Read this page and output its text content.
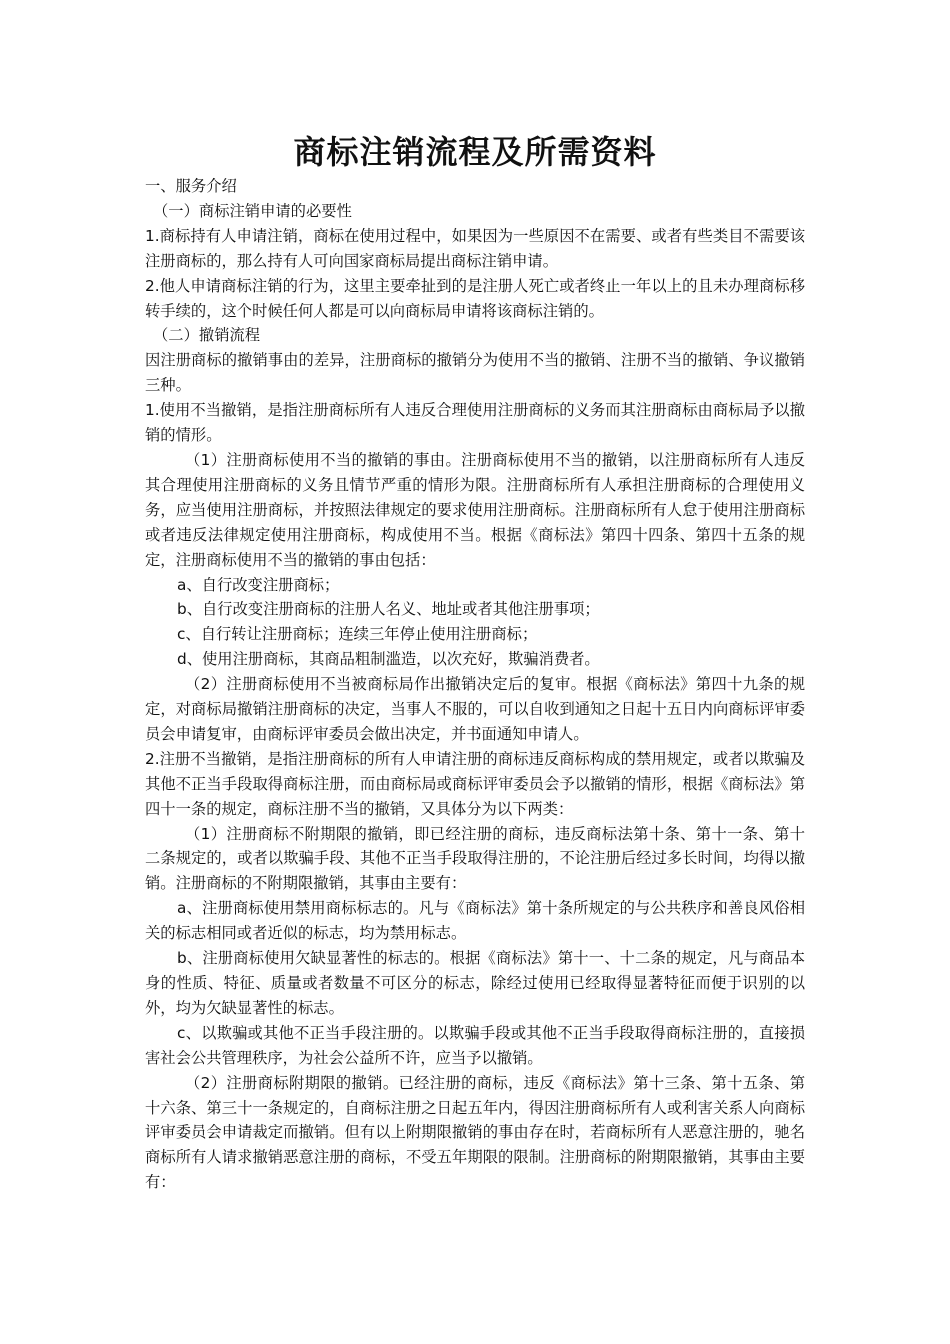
商标注销流程及所需资料

一、服务介绍

（一）商标注销申请的必要性

1.商标持有人申请注销，商标在使用过程中，如果因为一些原因不在需要、或者有些类目不需要该注册商标的，那么持有人可向国家商标局提出商标注销申请。

2.他人申请商标注销的行为，这里主要牵扯到的是注册人死亡或者终止一年以上的且未办理商标移转手续的，这个时候任何人都是可以向商标局申请将该商标注销的。

（二）撤销流程

因注册商标的撤销事由的差异，注册商标的撤销分为使用不当的撤销、注册不当的撤销、争议撤销三种。

1.使用不当撤销，是指注册商标所有人违反合理使用注册商标的义务而其注册商标由商标局予以撤销的情形。

（1）注册商标使用不当的撤销的事由。注册商标使用不当的撤销，以注册商标所有人违反其合理使用注册商标的义务且情节严重的情形为限。注册商标所有人承担注册商标的合理使用义务，应当使用注册商标，并按照法律规定的要求使用注册商标。注册商标所有人怠于使用注册商标或者违反法律规定使用注册商标，构成使用不当。根据《商标法》第四十四条、第四十五条的规定，注册商标使用不当的撤销的事由包括：

a、自行改变注册商标；

b、自行改变注册商标的注册人名义、地址或者其他注册事项；

c、自行转让注册商标；连续三年停止使用注册商标；

d、使用注册商标，其商品粗制滥造，以次充好，欺骗消费者。

（2）注册商标使用不当被商标局作出撤销决定后的复审。根据《商标法》第四十九条的规定，对商标局撤销注册商标的决定，当事人不服的，可以自收到通知之日起十五日内向商标评审委员会申请复审，由商标评审委员会做出决定，并书面通知申请人。

2.注册不当撤销，是指注册商标的所有人申请注册的商标违反商标构成的禁用规定，或者以欺骗及其他不正当手段取得商标注册，而由商标局或商标评审委员会予以撤销的情形，根据《商标法》第四十一条的规定，商标注册不当的撤销，又具体分为以下两类：

（1）注册商标不附期限的撤销，即已经注册的商标，违反商标法第十条、第十一条、第十二条规定的，或者以欺骗手段、其他不正当手段取得注册的，不论注册后经过多长时间，均得以撤销。注册商标的不附期限撤销，其事由主要有：

a、注册商标使用禁用商标标志的。凡与《商标法》第十条所规定的与公共秩序和善良风俗相关的标志相同或者近似的标志，均为禁用标志。

b、注册商标使用欠缺显著性的标志的。根据《商标法》第十一、十二条的规定，凡与商品本身的性质、特征、质量或者数量不可区分的标志，除经过使用已经取得显著特征而便于识别的以外，均为欠缺显著性的标志。

c、以欺骗或其他不正当手段注册的。以欺骗手段或其他不正当手段取得商标注册的，直接损害社会公共管理秩序，为社会公益所不许，应当予以撤销。

（2）注册商标附期限的撤销。已经注册的商标，违反《商标法》第十三条、第十五条、第十六条、第三十一条规定的，自商标注册之日起五年内，得因注册商标所有人或利害关系人向商标评审委员会申请裁定而撤销。但有以上附期限撤销的事由存在时，若商标所有人恶意注册的，驰名商标所有人请求撤销恶意注册的商标，不受五年期限的限制。注册商标的附期限撤销，其事由主要有：
